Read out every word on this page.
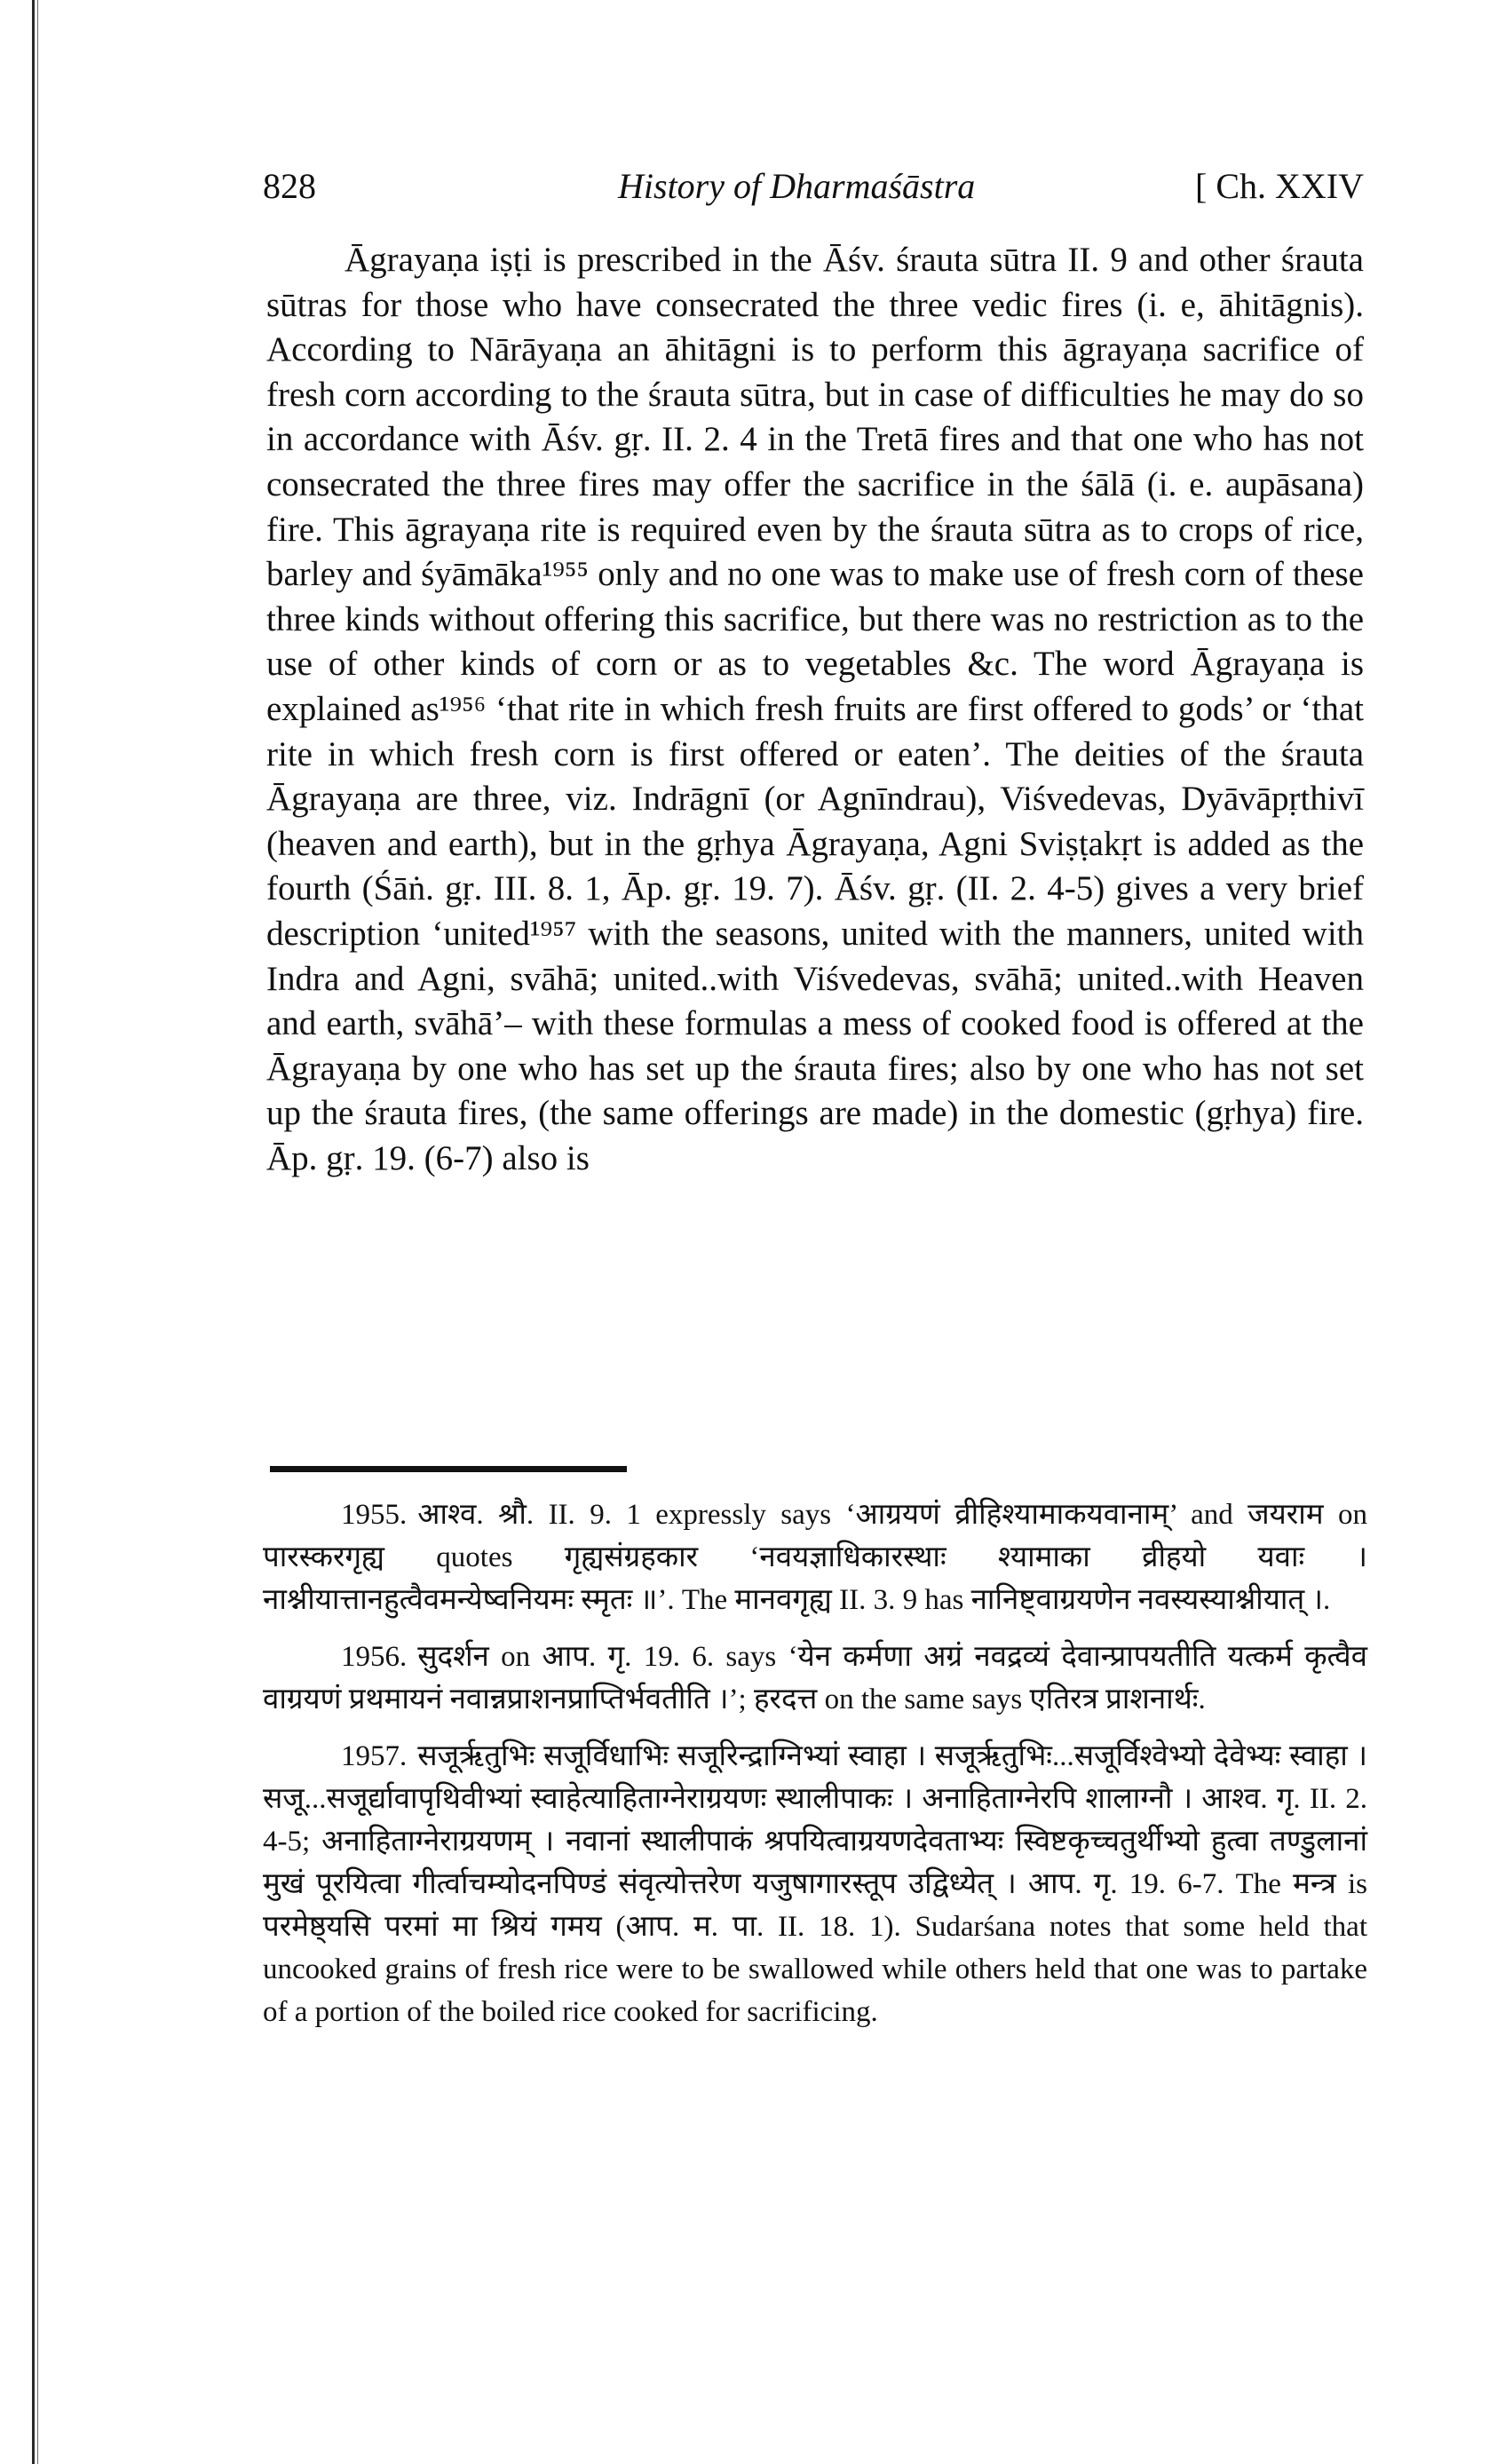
828	History of Dharmaśāstra	[ Ch. XXIV

Āgrayaṇa iṣṭi is prescribed in the Āśv. śrauta sūtra II. 9 and other śrauta sūtras for those who have consecrated the three vedic fires (i. e, āhitāgnis). According to Nārāyaṇa an āhitāgni is to perform this āgrayaṇa sacrifice of fresh corn according to the śrauta sūtra, but in case of difficulties he may do so in accordance with Āśv. gṛ. II. 2. 4 in the Tretā fires and that one who has not consecrated the three fires may offer the sacrifice in the śālā (i. e. aupāsana) fire. This āgrayaṇa rite is required even by the śrauta sūtra as to crops of rice, barley and śyāmāka¹⁹⁵⁵ only and no one was to make use of fresh corn of these three kinds without offering this sacrifice, but there was no restriction as to the use of other kinds of corn or as to vegetables &c. The word Āgrayaṇa is explained as¹⁹⁵⁶ ‘that rite in which fresh fruits are first offered to gods’ or ‘that rite in which fresh corn is first offered or eaten’. The deities of the śrauta Āgrayaṇa are three, viz. Indrāgnī (or Agnīndrau), Viśvedevas, Dyāvāpṛthivī (heaven and earth), but in the gṛhya Āgrayaṇa, Agni Sviṣṭakṛt is added as the fourth (Śāṅ. gṛ. III. 8. 1, Āp. gṛ. 19. 7). Āśv. gṛ. (II. 2. 4-5) gives a very brief description ‘united¹⁹⁵⁷ with the seasons, united with the manners, united with Indra and Agni, svāhā; united..with Viśvedevas, svāhā; united..with Heaven and earth, svāhā’– with these formulas a mess of cooked food is offered at the Āgrayaṇa by one who has set up the śrauta fires; also by one who has not set up the śrauta fires, (the same offerings are made) in the domestic (gṛhya) fire. Āp. gṛ. 19. (6-7) also is

1955. आश्व. श्रौ. II. 9. 1 expressly says ‘आग्रयणं व्रीहिश्यामाकयवानाम्’ and जयराम on पारस्करगृह्य quotes गृह्यसंग्रहकार ‘नवयज्ञाधिकारस्थाः श्यामाका व्रीहयो यवाः । नाश्नीयात्तानहुत्वैवमन्येष्वनियमः स्मृतः ॥’. The मानवगृह्य II. 3. 9 has नानिष्ट्वाग्रयणेन नवस्यस्याश्नीयात् ।.

1956. सुदर्शन on आप. गृ. 19. 6. says ‘येन कर्मणा अग्रं नवद्रव्यं देवान्प्रापयतीति यत्कर्म कृत्वैव वाग्रयणं प्रथमायनं नवान्नप्राशनप्राप्तिर्भवतीति ।’; हरदत्त on the same says एतिरत्र प्राशनार्थः.

1957. सजूर्ऋतुभिः सजूर्विधाभिः सजूरिन्द्राग्निभ्यां स्वाहा । सजूर्ऋतुभिः...सजूर्विश्वेभ्यो देवेभ्यः स्वाहा । सजू...सजूर्द्यावापृथिवीभ्यां स्वाहेत्याहिताग्नेराग्रयणः स्थालीपाकः । अनाहिताग्नेरपि शालाग्नौ । आश्व. गृ. II. 2. 4-5; अनाहिताग्नेराग्रयणम् । नवानां स्थालीपाकं श्रपयित्वाग्रयणदेवताभ्यः स्विष्टकृच्चतुर्थीभ्यो हुत्वा तण्डुलानां मुखं पूरयित्वा गीर्त्वाचम्योदनपिण्डं संवृत्योत्तरेण यजुषागारस्तूप उद्विध्येत् । आप. गृ. 19. 6-7. The मन्त्र is परमेष्ठ्यसि परमां मा श्रियं गमय (आप. म. पा. II. 18. 1). Sudarśana notes that some held that uncooked grains of fresh rice were to be swallowed while others held that one was to partake of a portion of the boiled rice cooked for sacrificing.
